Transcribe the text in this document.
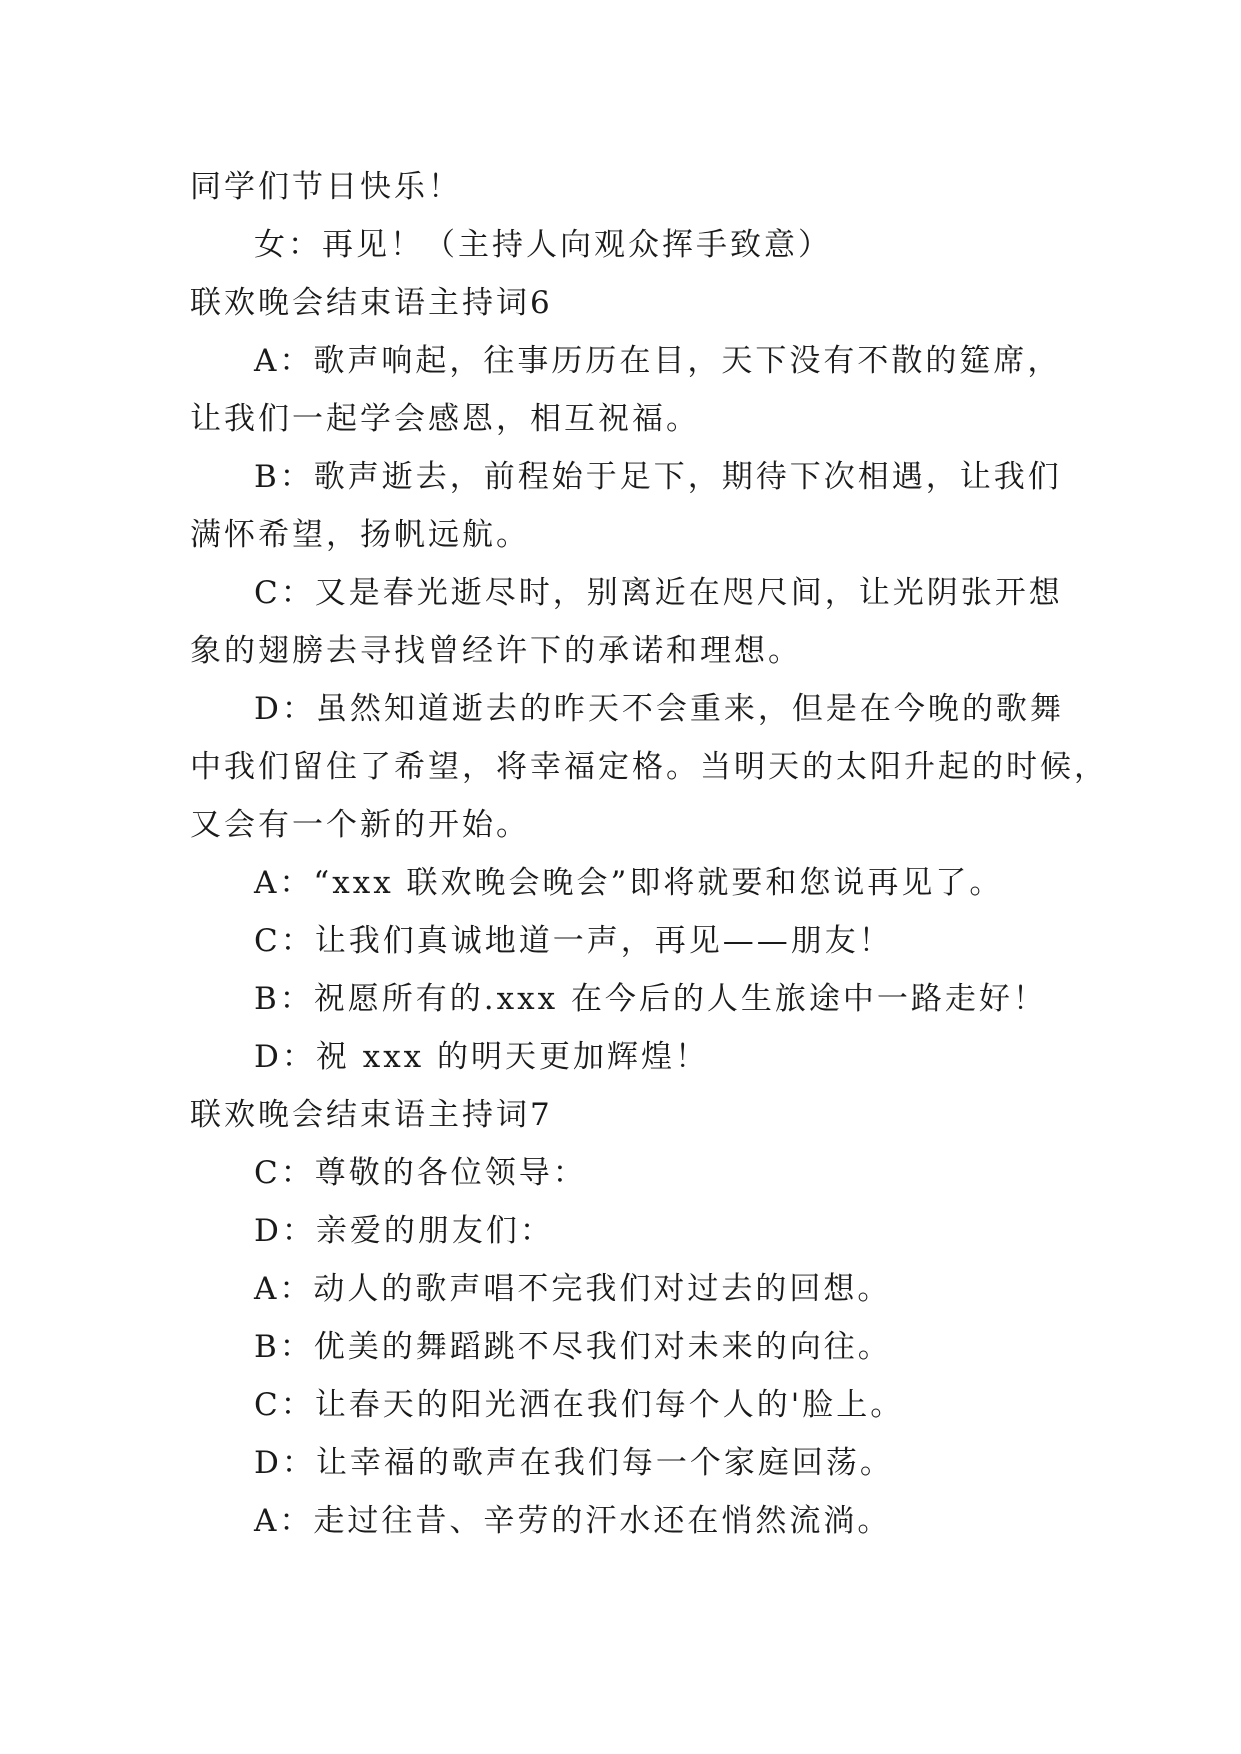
同学们节日快乐！
女：再见！（主持人向观众挥手致意）
联欢晚会结束语主持词6
A：歌声响起，往事历历在目，天下没有不散的筵席，
让我们一起学会感恩，相互祝福。
B：歌声逝去，前程始于足下，期待下次相遇，让我们
满怀希望，扬帆远航。
C：又是春光逝尽时，别离近在咫尺间，让光阴张开想
象的翅膀去寻找曾经许下的承诺和理想。
D：虽然知道逝去的昨天不会重来，但是在今晚的歌舞
中我们留住了希望，将幸福定格。当明天的太阳升起的时候，
又会有一个新的开始。
A：“xxx 联欢晚会晚会”即将就要和您说再见了。
C：让我们真诚地道一声，再见——朋友！
B：祝愿所有的.xxx 在今后的人生旅途中一路走好！
D：祝 xxx 的明天更加辉煌！
联欢晚会结束语主持词7
C：尊敬的各位领导：
D：亲爱的朋友们：
A：动人的歌声唱不完我们对过去的回想。
B：优美的舞蹈跳不尽我们对未来的向往。
C：让春天的阳光洒在我们每个人的'脸上。
D：让幸福的歌声在我们每一个家庭回荡。
A：走过往昔、辛劳的汗水还在悄然流淌。
